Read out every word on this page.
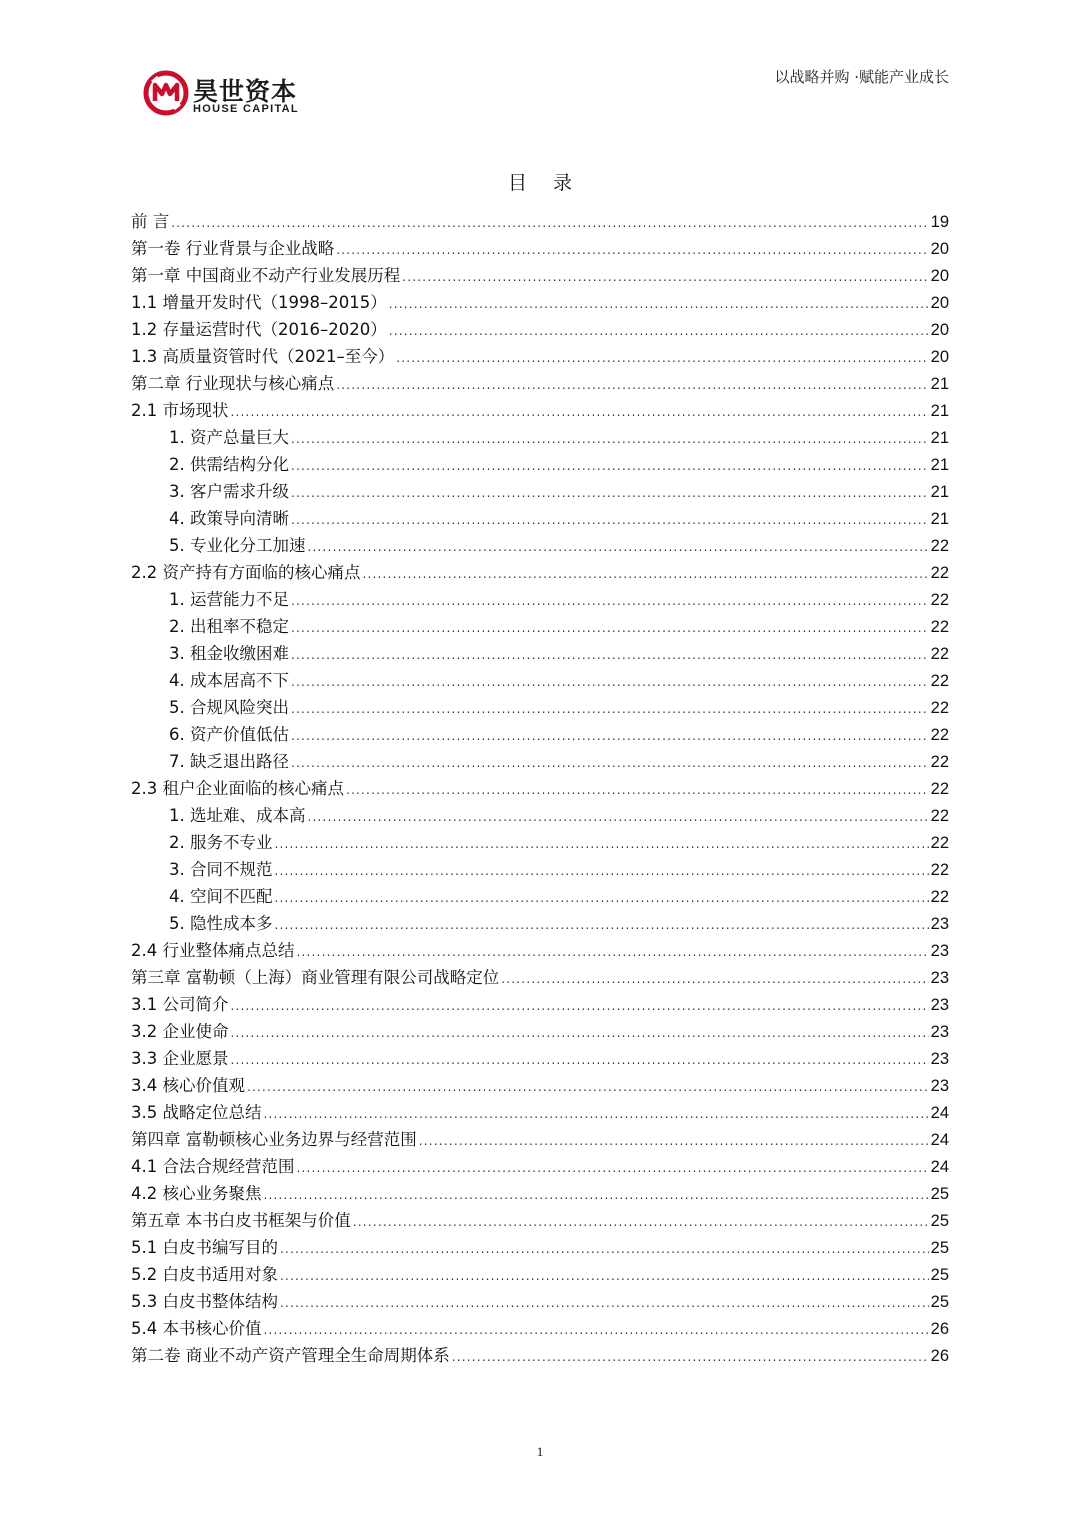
昊世资本
HOUSE CAPITAL
以战略并购 ·赋能产业成长
目 录
前 言 .....	19
第一卷 行业背景与企业战略 .....	20
第一章 中国商业不动产行业发展历程 .....	20
1.1 增量开发时代（1998–2015） .....	20
1.2 存量运营时代（2016–2020） .....	20
1.3 高质量资管时代（2021–至今） .....	20
第二章 行业现状与核心痛点 .....	21
2.1 市场现状 .....	21
1. 资产总量巨大 .....	21
2. 供需结构分化 .....	21
3. 客户需求升级 .....	21
4. 政策导向清晰 .....	21
5. 专业化分工加速 .....	22
2.2 资产持有方面临的核心痛点 .....	22
1. 运营能力不足 .....	22
2. 出租率不稳定 .....	22
3. 租金收缴困难 .....	22
4. 成本居高不下 .....	22
5. 合规风险突出 .....	22
6. 资产价值低估 .....	22
7. 缺乏退出路径 .....	22
2.3 租户企业面临的核心痛点 .....	22
1. 选址难、成本高 .....	22
2. 服务不专业 .....	22
3. 合同不规范 .....	22
4. 空间不匹配 .....	22
5. 隐性成本多 .....	23
2.4 行业整体痛点总结 .....	23
第三章 富勒顿（上海）商业管理有限公司战略定位 .....	23
3.1 公司简介 .....	23
3.2 企业使命 .....	23
3.3 企业愿景 .....	23
3.4 核心价值观 .....	23
3.5 战略定位总结 .....	24
第四章 富勒顿核心业务边界与经营范围 .....	24
4.1 合法合规经营范围 .....	24
4.2 核心业务聚焦 .....	25
第五章 本书白皮书框架与价值 .....	25
5.1 白皮书编写目的 .....	25
5.2 白皮书适用对象 .....	25
5.3 白皮书整体结构 .....	25
5.4 本书核心价值 .....	26
第二卷 商业不动产资产管理全生命周期体系 .....	26
1
